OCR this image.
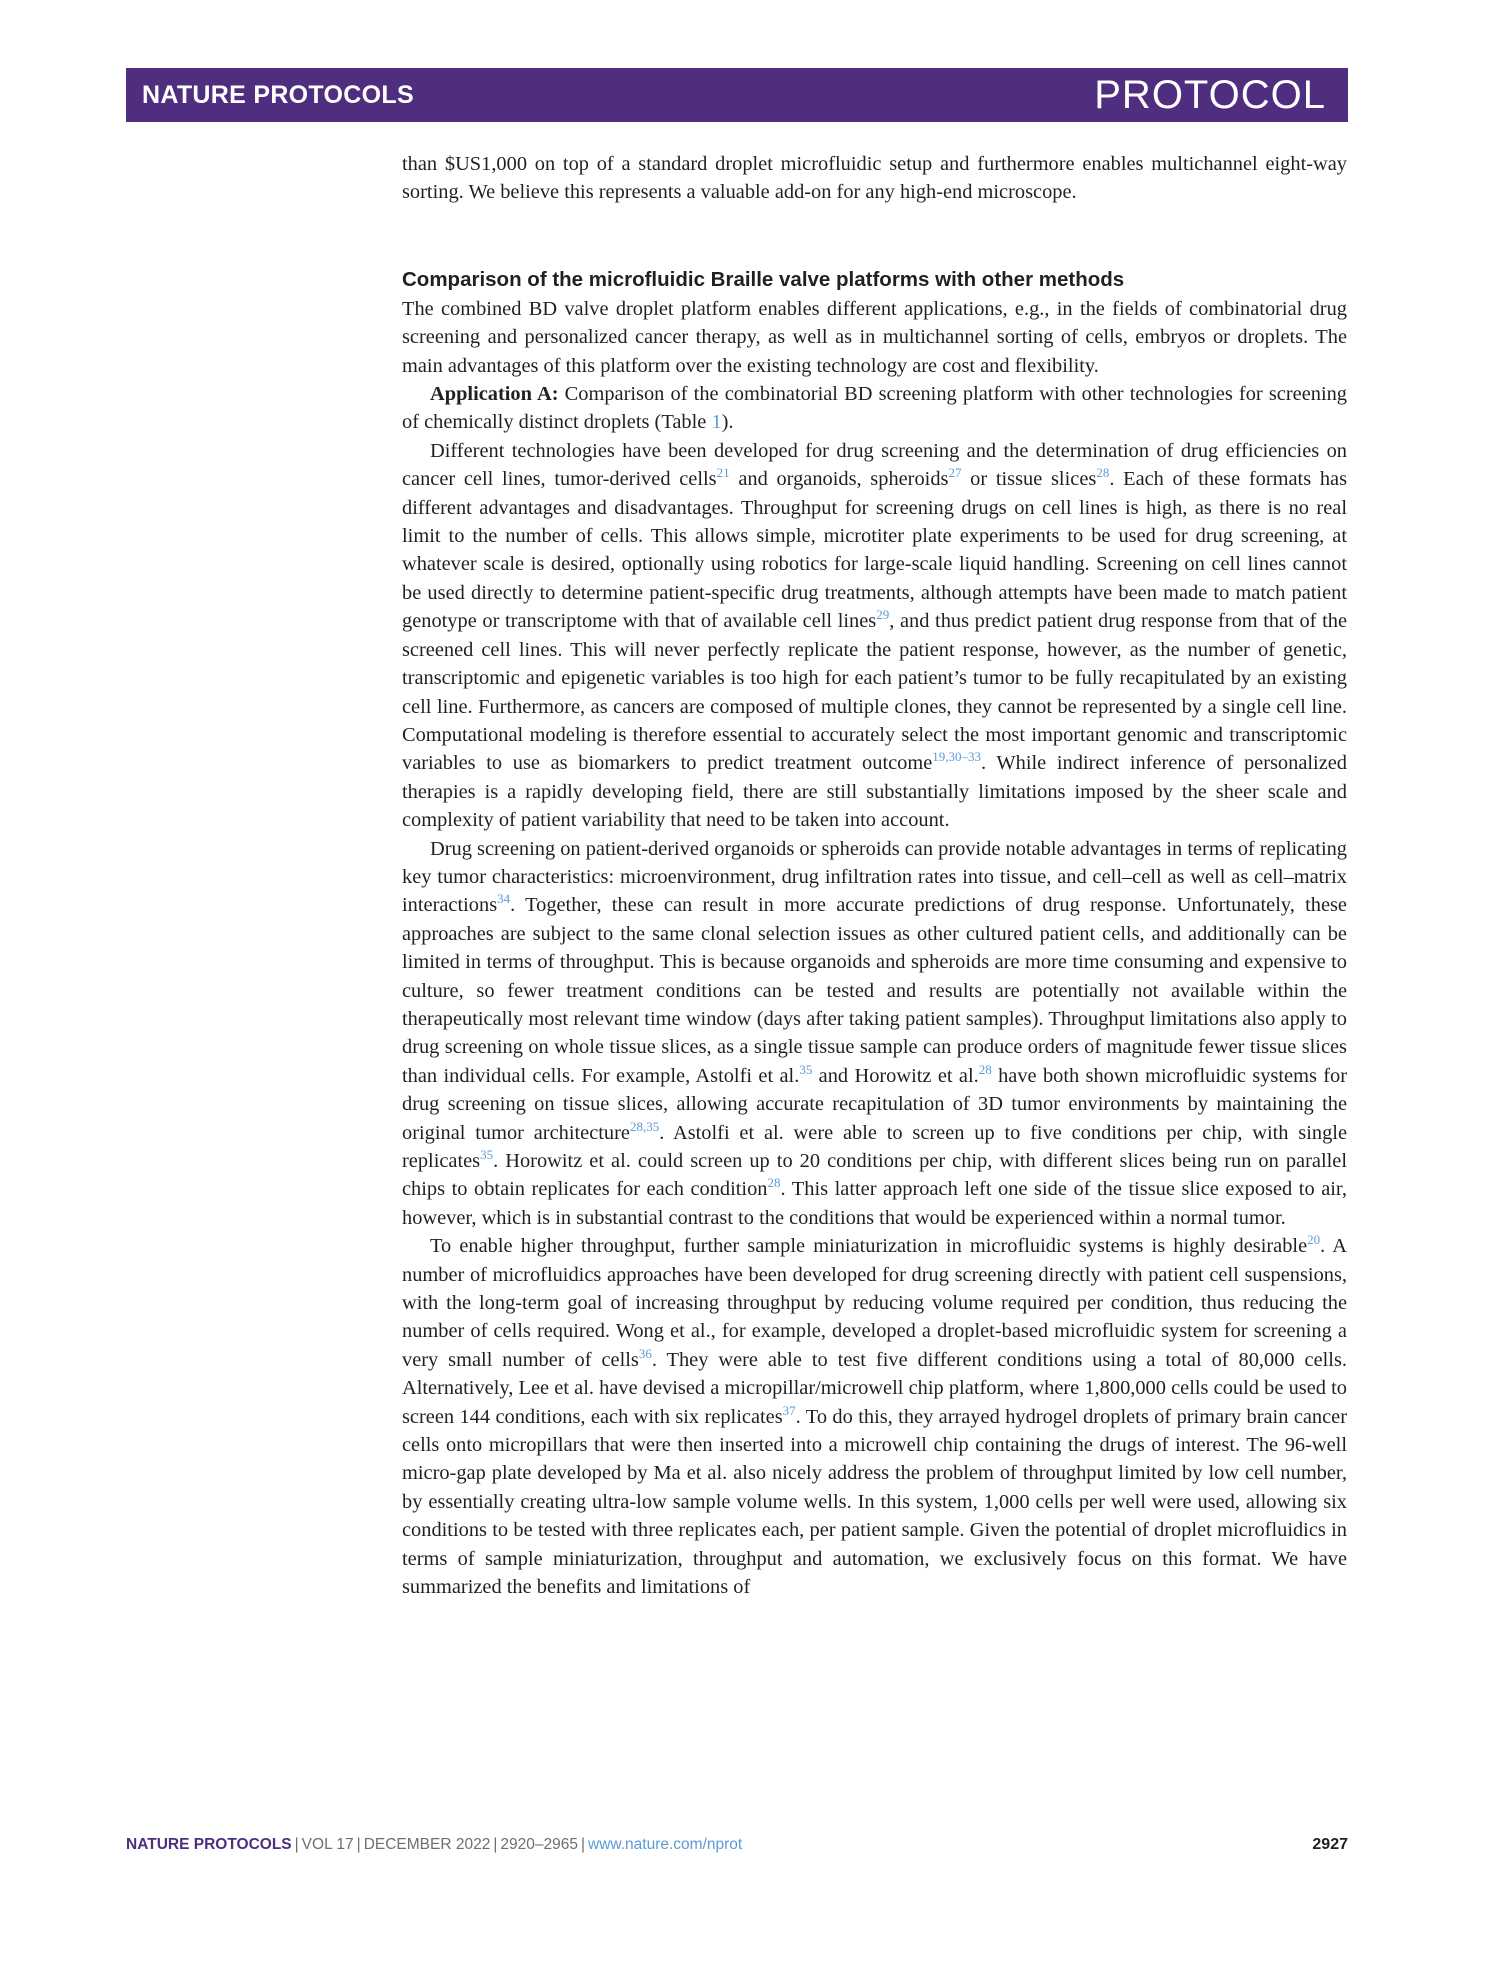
NATURE PROTOCOLS	PROTOCOL

than $US1,000 on top of a standard droplet microfluidic setup and furthermore enables multichannel eight-way sorting. We believe this represents a valuable add-on for any high-end microscope.

Comparison of the microfluidic Braille valve platforms with other methods

The combined BD valve droplet platform enables different applications, e.g., in the fields of combinatorial drug screening and personalized cancer therapy, as well as in multichannel sorting of cells, embryos or droplets. The main advantages of this platform over the existing technology are cost and flexibility.

Application A: Comparison of the combinatorial BD screening platform with other technologies for screening of chemically distinct droplets (Table 1).

Different technologies have been developed for drug screening and the determination of drug efficiencies on cancer cell lines, tumor-derived cells$^{21}$ and organoids, spheroids$^{27}$ or tissue slices$^{28}$. Each of these formats has different advantages and disadvantages. Throughput for screening drugs on cell lines is high, as there is no real limit to the number of cells. This allows simple, microtiter plate experiments to be used for drug screening, at whatever scale is desired, optionally using robotics for large-scale liquid handling. Screening on cell lines cannot be used directly to determine patient-specific drug treatments, although attempts have been made to match patient genotype or transcriptome with that of available cell lines$^{29}$, and thus predict patient drug response from that of the screened cell lines. This will never perfectly replicate the patient response, however, as the number of genetic, transcriptomic and epigenetic variables is too high for each patient’s tumor to be fully recapitulated by an existing cell line. Furthermore, as cancers are composed of multiple clones, they cannot be represented by a single cell line. Computational modeling is therefore essential to accurately select the most important genomic and transcriptomic variables to use as biomarkers to predict treatment outcome$^{19,30-33}$. While indirect inference of personalized therapies is a rapidly developing field, there are still substantially limitations imposed by the sheer scale and complexity of patient variability that need to be taken into account.

Drug screening on patient-derived organoids or spheroids can provide notable advantages in terms of replicating key tumor characteristics: microenvironment, drug infiltration rates into tissue, and cell–cell as well as cell–matrix interactions$^{34}$. Together, these can result in more accurate predictions of drug response. Unfortunately, these approaches are subject to the same clonal selection issues as other cultured patient cells, and additionally can be limited in terms of throughput. This is because organoids and spheroids are more time consuming and expensive to culture, so fewer treatment conditions can be tested and results are potentially not available within the therapeutically most relevant time window (days after taking patient samples). Throughput limitations also apply to drug screening on whole tissue slices, as a single tissue sample can produce orders of magnitude fewer tissue slices than individual cells. For example, Astolfi et al.$^{35}$ and Horowitz et al.$^{28}$ have both shown microfluidic systems for drug screening on tissue slices, allowing accurate recapitulation of 3D tumor environments by maintaining the original tumor architecture$^{28,35}$. Astolfi et al. were able to screen up to five conditions per chip, with single replicates$^{35}$. Horowitz et al. could screen up to 20 conditions per chip, with different slices being run on parallel chips to obtain replicates for each condition$^{28}$. This latter approach left one side of the tissue slice exposed to air, however, which is in substantial contrast to the conditions that would be experienced within a normal tumor.

To enable higher throughput, further sample miniaturization in microfluidic systems is highly desirable$^{20}$. A number of microfluidics approaches have been developed for drug screening directly with patient cell suspensions, with the long-term goal of increasing throughput by reducing volume required per condition, thus reducing the number of cells required. Wong et al., for example, developed a droplet-based microfluidic system for screening a very small number of cells$^{36}$. They were able to test five different conditions using a total of 80,000 cells. Alternatively, Lee et al. have devised a micropillar/microwell chip platform, where 1,800,000 cells could be used to screen 144 conditions, each with six replicates$^{37}$. To do this, they arrayed hydrogel droplets of primary brain cancer cells onto micropillars that were then inserted into a microwell chip containing the drugs of interest. The 96-well micro-gap plate developed by Ma et al. also nicely address the problem of throughput limited by low cell number, by essentially creating ultra-low sample volume wells. In this system, 1,000 cells per well were used, allowing six conditions to be tested with three replicates each, per patient sample. Given the potential of droplet microfluidics in terms of sample miniaturization, throughput and automation, we exclusively focus on this format. We have summarized the benefits and limitations of

NATURE PROTOCOLS | VOL 17 | DECEMBER 2022 | 2920–2965 | www.nature.com/nprot	2927
